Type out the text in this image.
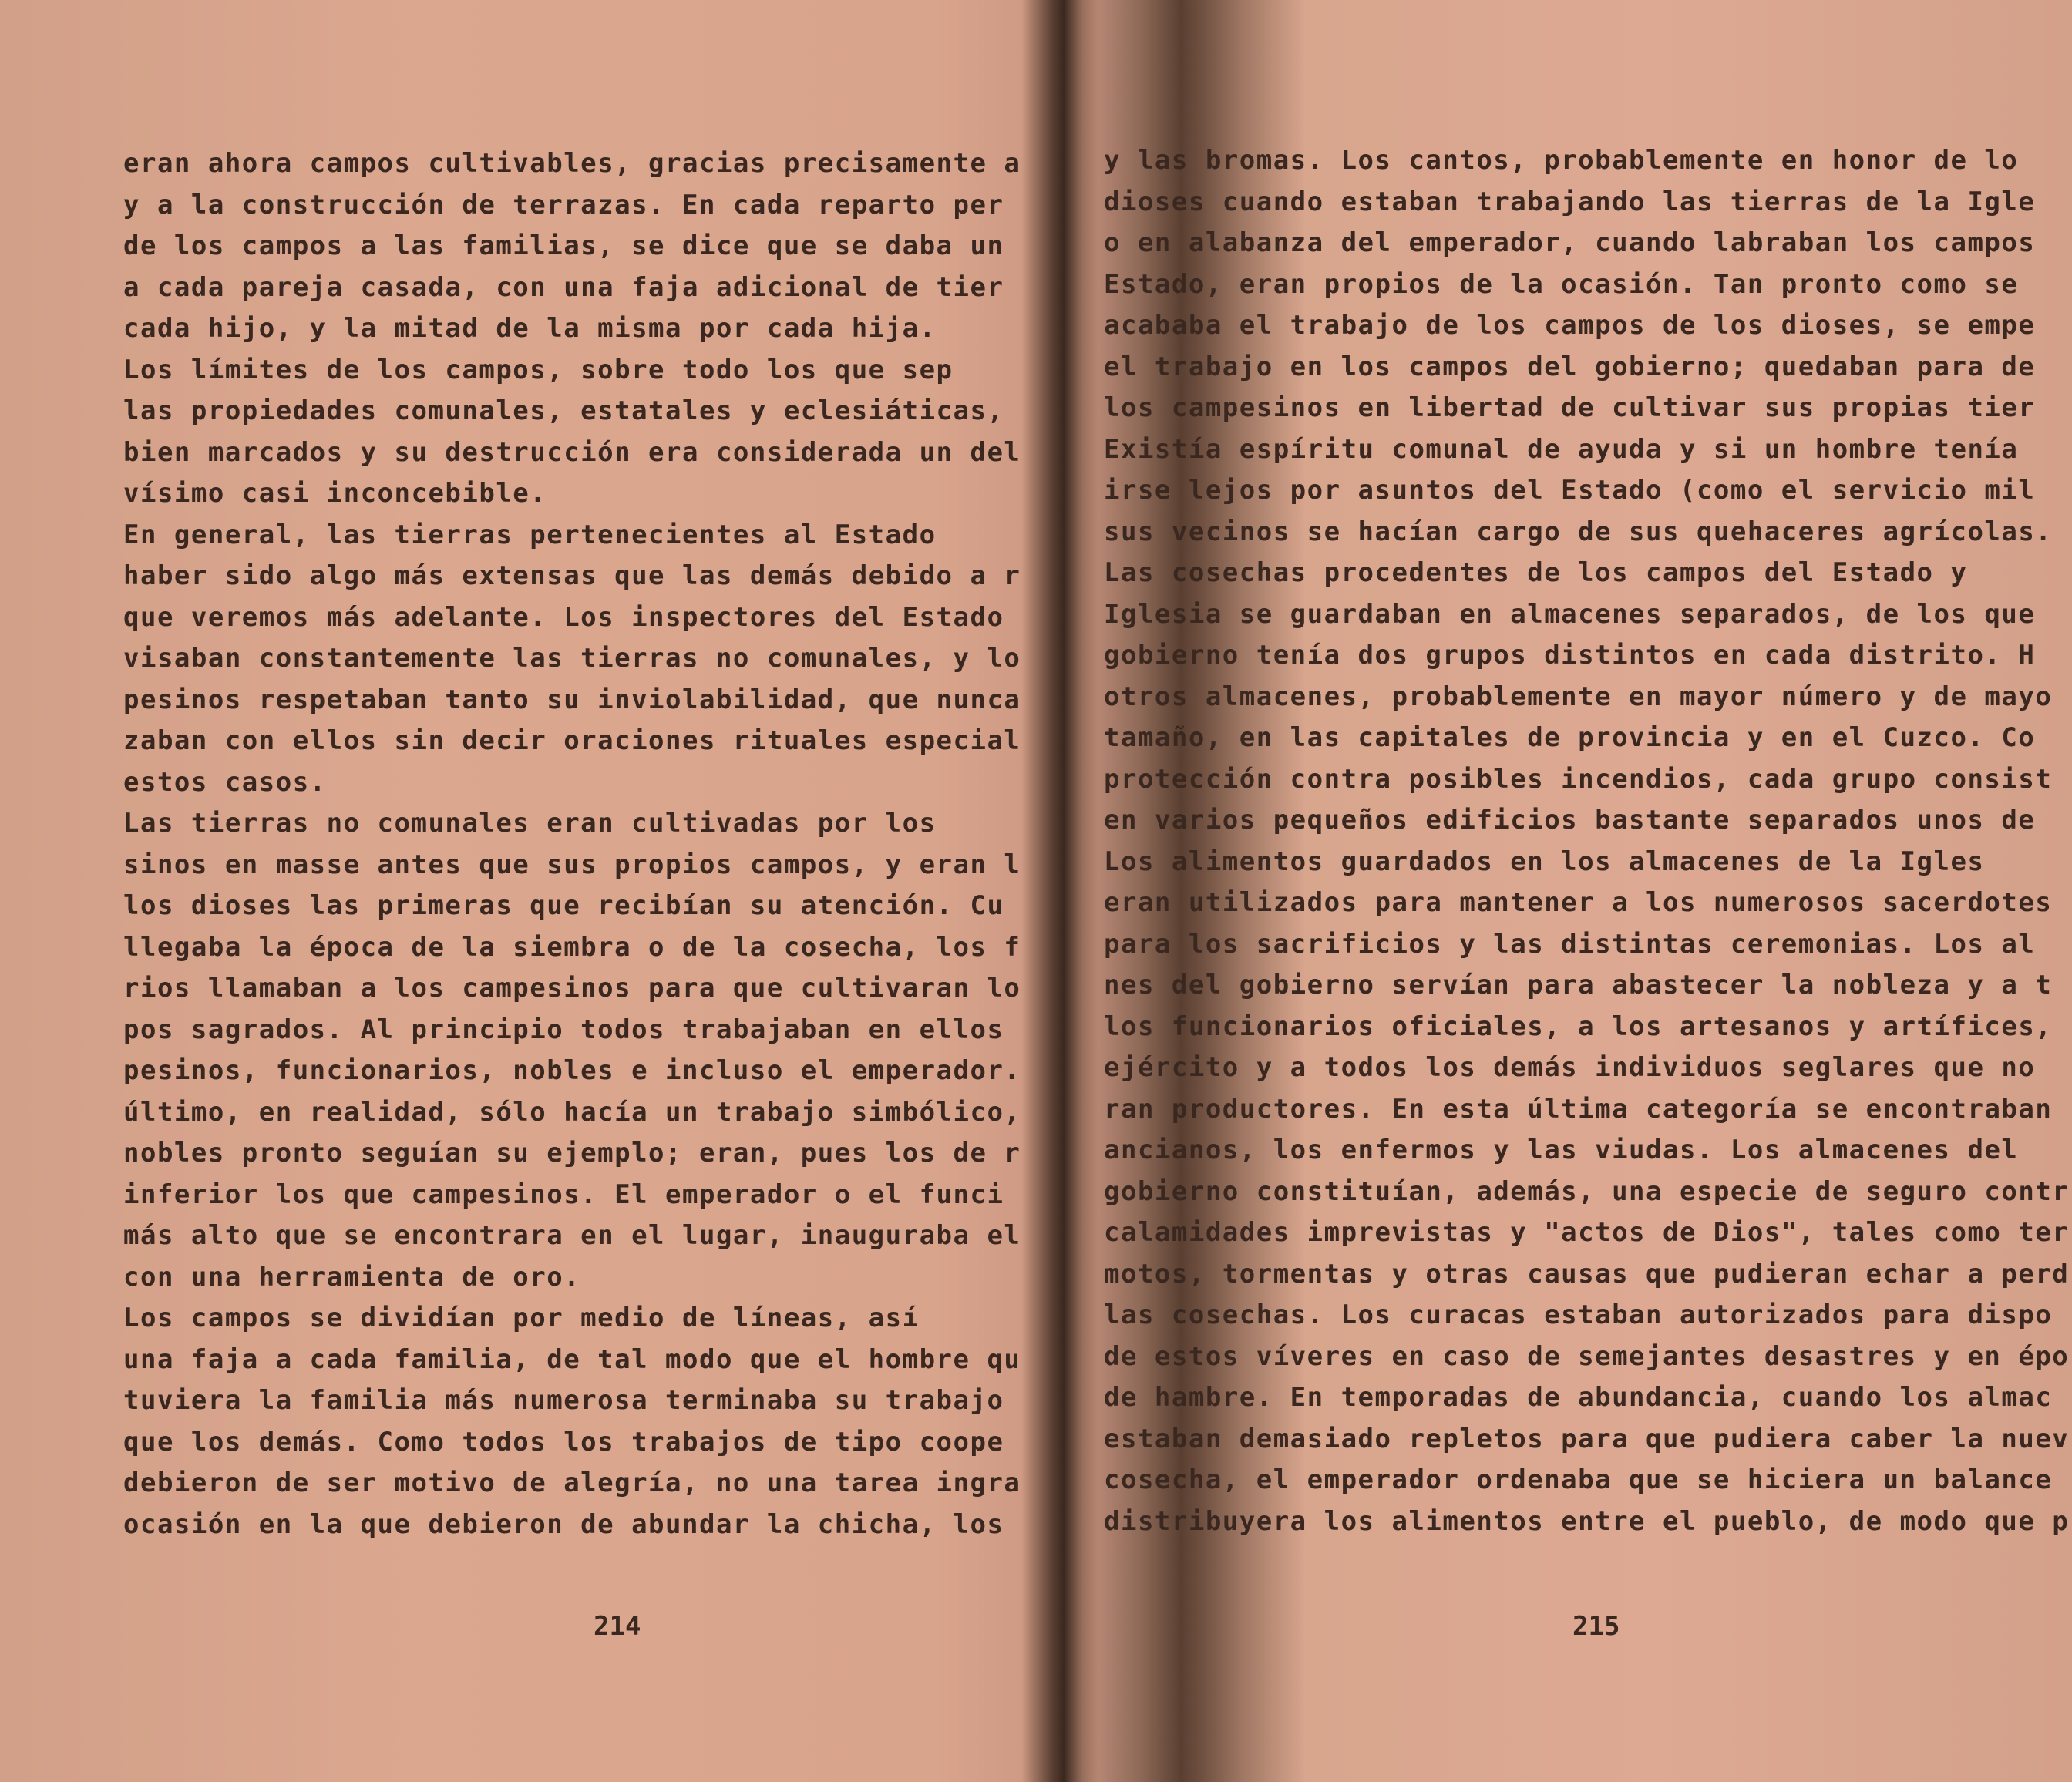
eran ahora campos cultivables, gracias precisamentе a
y a la construcción de terrazas. En cada reparto per
de los campos a las familias, se dice que se daba un
a cada pareja casada, con una faja adicional de tier
cada hijo, y la mitad de la misma por cada hija.
Los límites de los campos, sobre todo los que sep
las propiedades comunales, estatales y eclesiáticas,
bien marcados y su destrucción era considerada un del
vísimo casi inconcebible.
En general, las tierras pertenecientes al Estado
haber sido algo más extensas que las demás debido a r
que veremos más adelante. Los inspectores del Estado
visaban constantemente las tierras no comunales, y lo
pesinos respetaban tanto su inviolabilidad, que nunca
zaban con ellos sin decir oraciones rituales especial
estos casos.
Las tierras no comunales eran cultivadas por los
sinos en masse antes que sus propios campos, y eran l
los dioses las primeras que recibían su atención. Cu
llegaba la época de la siembra o de la cosecha, los f
rios llamaban a los campesinos para que cultivaran lo
pos sagrados. Al principio todos trabajaban en ellos
pesinos, funcionarios, nobles e incluso el emperador.
último, en realidad, sólo hacía un trabajo simbólico,
nobles pronto seguían su ejemplo; eran, pues los de r
inferior los que campesinos. El emperador o el funci
más alto que se encontrara en el lugar, inauguraba el
con una herramienta de oro.
Los campos se dividían por medio de líneas, así
una faja a cada familia, de tal modo que el hombre qu
tuviera la familia más numerosa terminaba su trabajo
que los demás. Como todos los trabajos de tipo coope
debieron de ser motivo de alegría, no una tarea ingra
ocasión en la que debieron de abundar la chicha, los
214
y las bromas. Los cantos, probablemente en honor de lo
dioses cuando estaban trabajando las tierras de la Igle
o en alabanza del emperador, cuando labraban los campos
Estado, eran propios de la ocasión. Tan pronto como se
acababa el trabajo de los campos de los dioses, se empe
el trabajo en los campos del gobierno; quedaban para de
los campesinos en libertad de cultivar sus propias tier
Existía espíritu comunal de ayuda y si un hombre tenía
irse lejos por asuntos del Estado (como el servicio mil
sus vecinos se hacían cargo de sus quehaceres agrícolas.
Las cosechas procedentes de los campos del Estado y
Iglesia se guardaban en almacenes separados, de los que
gobierno tenía dos grupos distintos en cada distrito. H
otros almacenes, probablemente en mayor número y de mayo
tamaño, en las capitales de provincia y en el Cuzco. Co
protección contra posibles incendios, cada grupo consist
en varios pequeños edificios bastante separados unos de
Los alimentos guardados en los almacenes de la Igles
eran utilizados para mantener a los numerosos sacerdotes
para los sacrificios y las distintas ceremonias. Los al
nes del gobierno servían para abastecer la nobleza y a t
los funcionarios oficiales, a los artesanos y artífices,
ejército y a todos los demás individuos seglares que no
ran productores. En esta última categoría se encontraban
ancianos, los enfermos y las viudas. Los almacenes del
gobierno constituían, además, una especie de seguro contr
calamidades imprevistas y "actos de Dios", tales como ter
motos, tormentas y otras causas que pudieran echar a perd
las cosechas. Los curacas estaban autorizados para dispo
de estos víveres en caso de semejantes desastres y en épo
de hambre. En temporadas de abundancia, cuando los almac
estaban demasiado repletos para que pudiera caber la nuev
cosecha, el emperador ordenaba que se hiciera un balance
distribuyera los alimentos entre el pueblo, de modo que p
215
